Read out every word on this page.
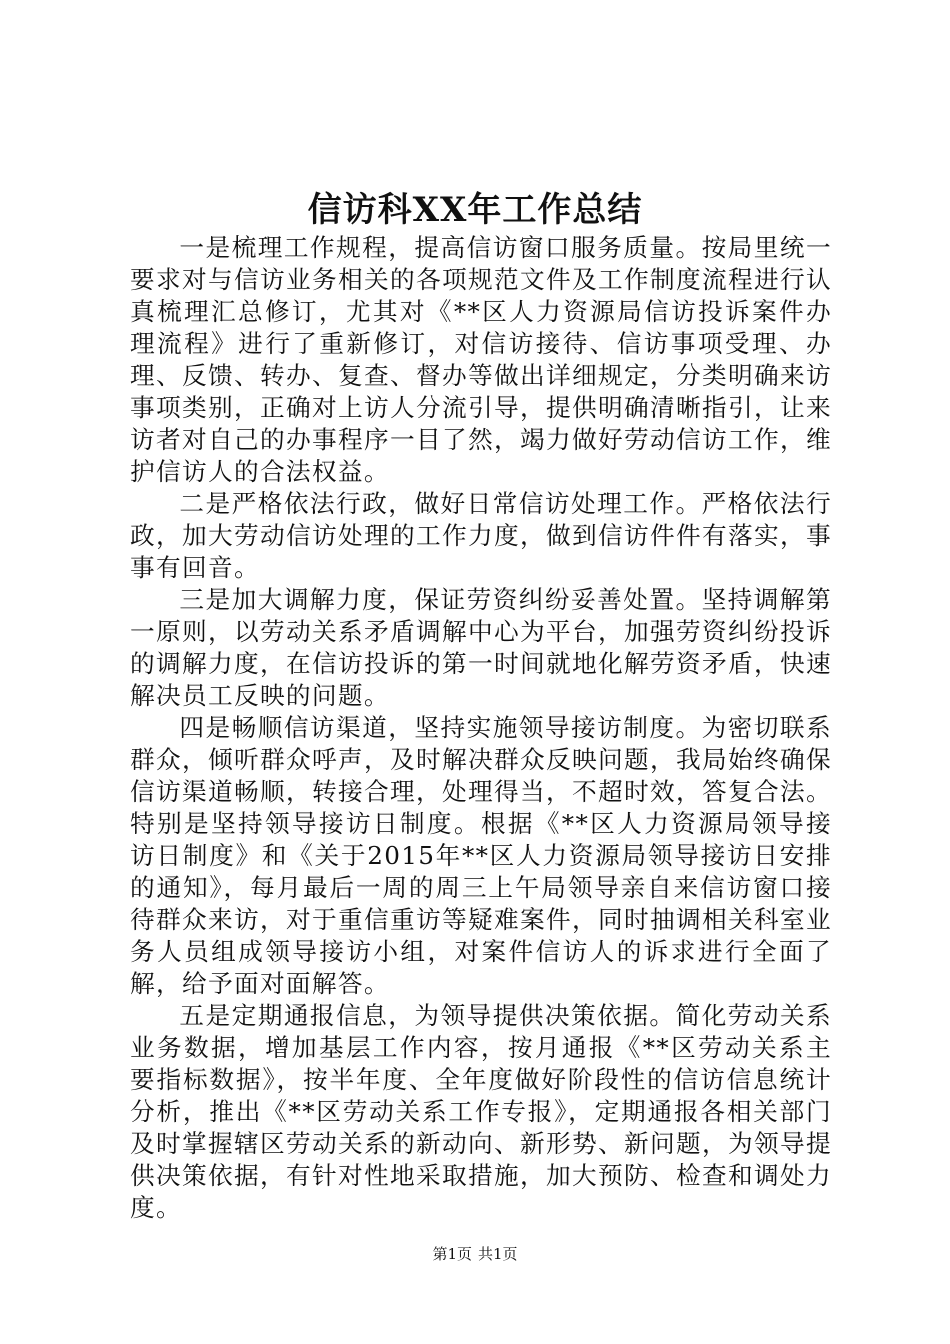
信访科XX年工作总结

一是梳理工作规程，提高信访窗口服务质量。按局里统一要求对与信访业务相关的各项规范文件及工作制度流程进行认真梳理汇总修订，尤其对《**区人力资源局信访投诉案件办理流程》进行了重新修订，对信访接待、信访事项受理、办理、反馈、转办、复查、督办等做出详细规定，分类明确来访事项类别，正确对上访人分流引导，提供明确清晰指引，让来访者对自己的办事程序一目了然，竭力做好劳动信访工作，维护信访人的合法权益。

二是严格依法行政，做好日常信访处理工作。严格依法行政，加大劳动信访处理的工作力度，做到信访件件有落实，事事有回音。

三是加大调解力度，保证劳资纠纷妥善处置。坚持调解第一原则，以劳动关系矛盾调解中心为平台，加强劳资纠纷投诉的调解力度，在信访投诉的第一时间就地化解劳资矛盾，快速解决员工反映的问题。

四是畅顺信访渠道，坚持实施领导接访制度。为密切联系群众，倾听群众呼声，及时解决群众反映问题，我局始终确保信访渠道畅顺，转接合理，处理得当，不超时效，答复合法。特别是坚持领导接访日制度。根据《**区人力资源局领导接访日制度》和《关于2015年**区人力资源局领导接访日安排的通知》，每月最后一周的周三上午局领导亲自来信访窗口接待群众来访，对于重信重访等疑难案件，同时抽调相关科室业务人员组成领导接访小组，对案件信访人的诉求进行全面了解，给予面对面解答。

五是定期通报信息，为领导提供决策依据。简化劳动关系业务数据，增加基层工作内容，按月通报《**区劳动关系主要指标数据》，按半年度、全年度做好阶段性的信访信息统计分析，推出《**区劳动关系工作专报》，定期通报各相关部门及时掌握辖区劳动关系的新动向、新形势、新问题，为领导提供决策依据，有针对性地采取措施，加大预防、检查和调处力度。

第1页 共1页
